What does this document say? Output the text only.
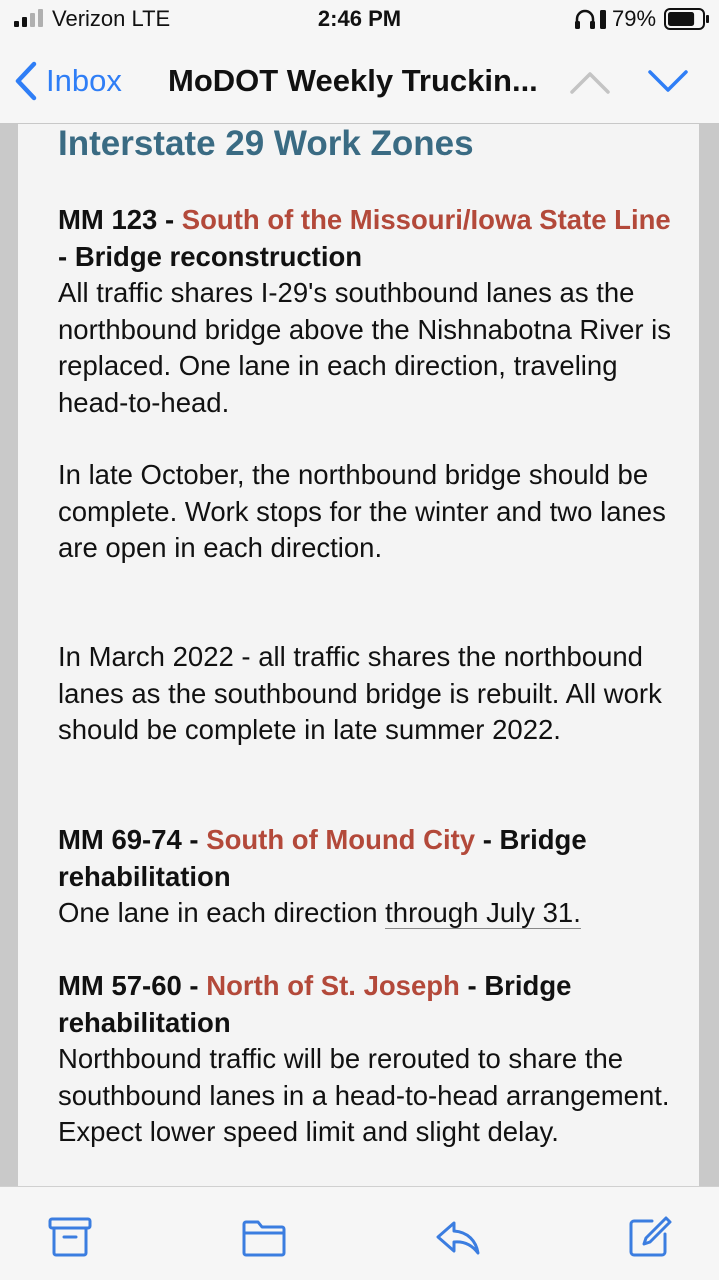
Verizon LTE	2:46 PM	79%
Inbox MoDOT Weekly Truckin...
Interstate 29 Work Zones
MM 123 - South of the Missouri/Iowa State Line - Bridge reconstruction
All traffic shares I-29's southbound lanes as the northbound bridge above the Nishnabotna River is replaced. One lane in each direction, traveling head-to-head.
In late October, the northbound bridge should be complete. Work stops for the winter and two lanes are open in each direction.
In March 2022 - all traffic shares the northbound lanes as the southbound bridge is rebuilt. All work should be complete in late summer 2022.
MM 69-74 - South of Mound City - Bridge rehabilitation
One lane in each direction through July 31.
MM 57-60 - North of St. Joseph - Bridge rehabilitation
Northbound traffic will be rerouted to share the southbound lanes in a head-to-head arrangement. Expect lower speed limit and slight delay.
